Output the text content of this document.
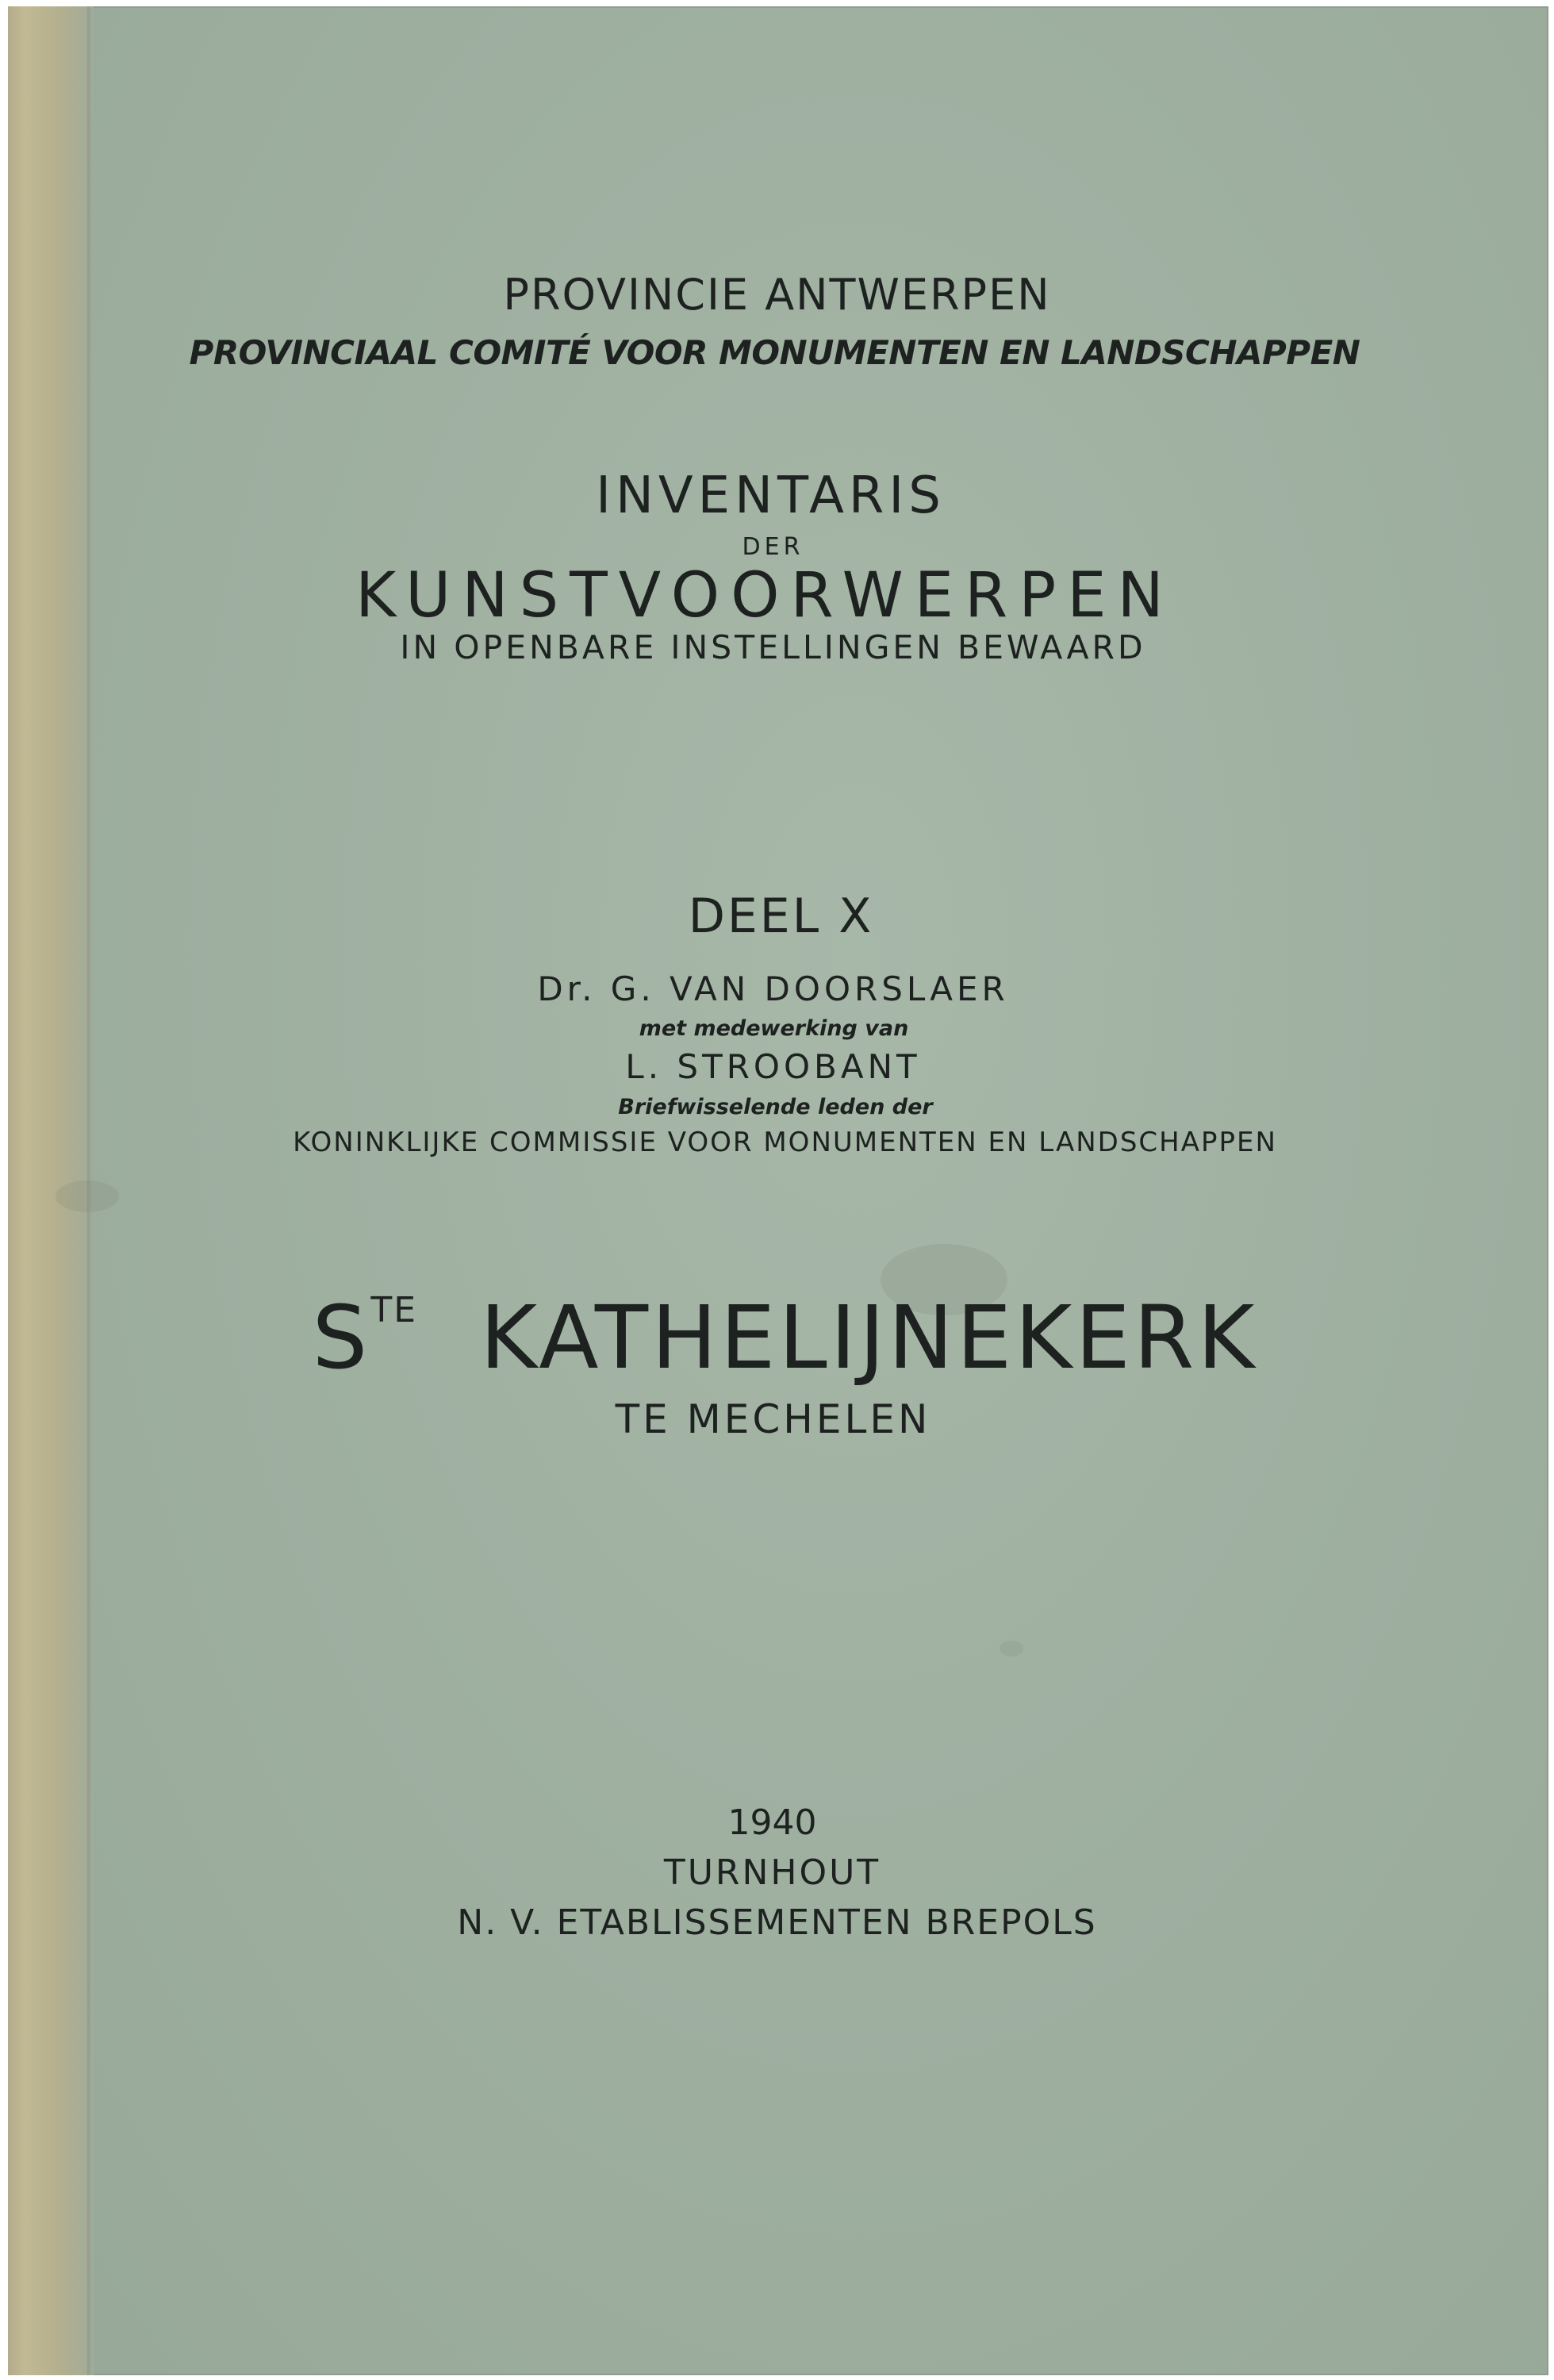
PROVINCIE ANTWERPEN
PROVINCIAAL COMITÉ VOOR MONUMENTEN EN LANDSCHAPPEN
INVENTARIS
DER
KUNSTVOORWERPEN
IN OPENBARE INSTELLINGEN BEWAARD
DEEL X
Dr. G. VAN DOORSLAER
met medewerking van
L. STROOBANT
Briefwisselende leden der
KONINKLIJKE COMMISSIE VOOR MONUMENTEN EN LANDSCHAPPEN
$S^{TE}$ KATHELIJNEKERK
TE MECHELEN
1940
TURNHOUT
N. V. ETABLISSEMENTEN BREPOLS
